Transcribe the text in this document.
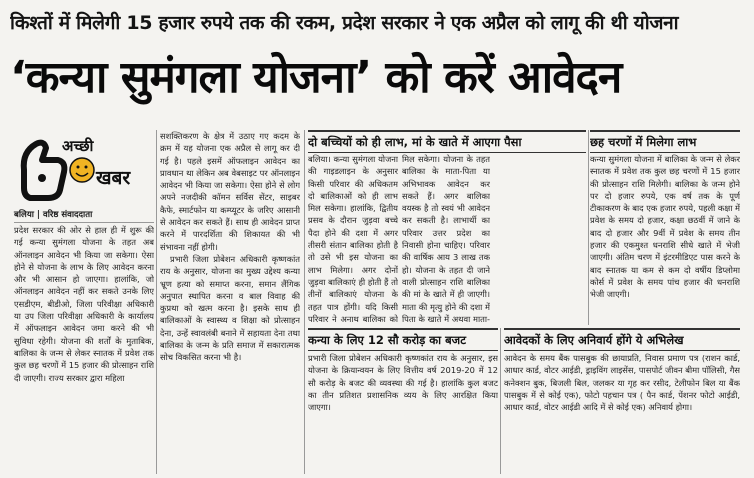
किश्तों में मिलेगी 15 हजार रुपये तक की रकम, प्रदेश सरकार ने एक अप्रैल को लागू की थी योजना
‘कन्या सुमंगला योजना’ को करें आवेदन
अच्छी
खबर
बलिया | वरिष्ठ संवाददाता

प्रदेश सरकार की ओर से हाल ही में शुरू की गई कन्या सुमंगला योजना के तहत अब ऑनलाइन आवेदन भी किया जा सकेगा। ऐसा होने से योजना के लाभ के लिए आवेदन करना और भी आसान हो जाएगा। हालांकि, जो ऑनलाइन आवेदन नहीं कर सकते उनके लिए एसडीएम, बीडीओ, जिला परिवीक्षा अधिकारी या उप जिला परिवीक्षा अधिकारी के कार्यालय में ऑफलाइन आवेदन जमा करने की भी सुविधा रहेगी। योजना की शर्तों के मुताबिक, बालिका के जन्म से लेकर स्नातक में प्रवेश तक कुल छह चरणों में 15 हजार की प्रोत्साहन राशि दी जाएगी। राज्य सरकार द्वारा महिला

सशक्तिकरण के क्षेत्र में उठाए गए कदम के क्रम में यह योजना एक अप्रैल से लागू कर दी गई है। पहले इसमें ऑफलाइन आवेदन का प्रावधान था लेकिन अब वेबसाइट पर ऑनलाइन आवेदन भी किया जा सकेगा। ऐसा होने से लोग अपने नजदीकी कॉमन सर्विस सेंटर, साइबर कैफे, स्मार्टफोन या कम्प्यूटर के जरिए आसानी से आवेदन कर सकते हैं। साथ ही आवेदन प्राप्त करने में पारदर्शिता की शिकायत की भी संभावना नहीं होगी।

प्रभारी जिला प्रोबेशन अधिकारी कृष्णकांत राय के अनुसार, योजना का मुख्य उद्देश्य कन्या भ्रूण हत्या को समाप्त करना, समान लैंगिक अनुपात स्थापित करना व बाल विवाह की कुप्रथा को खत्म करना है। इसके साथ ही बालिकाओं के स्वास्थ्य व शिक्षा को प्रोत्साहन देना, उन्हें स्वावलंबी बनाने में सहायता देना तथा बालिका के जन्म के प्रति समाज में सकारात्मक सोच विकसित करना भी है।

दो बच्चियों को ही लाभ, मां के खाते में आएगा पैसा

बलिया। कन्या सुमंगला योजना की गाइडलाइन के अनुसार किसी परिवार की अधिकतम दो बालिकाओं को ही लाभ मिल सकेगा। हालांकि, द्वितीय प्रसव के दौरान जुड़वा बच्चे पैदा होने की दशा में अगर तीसरी संतान बालिका होती है तो उसे भी इस योजना का लाभ मिलेगा। अगर दोनों जुड़वा बालिकाएं ही होती हैं तो तीनों बालिकाएं योजना के तहत पात्र होंगी। यदि किसी परिवार ने अनाथ बालिका को

मिल सकेगा। योजना के तहत बालिका के माता-पिता या अभिभावक आवेदन कर सकते हैं। अगर बालिका वयस्क है तो स्वयं भी आवेदन कर सकती है। लाभार्थी का परिवार उत्तर प्रदेश का निवासी होना चाहिए। परिवार की वार्षिक आय 3 लाख तक हो। योजना के तहत दी जाने वाली प्रोत्साहन राशि बालिका की मां के खाते में ही जाएगी। माता की मृत्यु होने की दशा में पिता के खाते में अथवा माता-

छह चरणों में मिलेगा लाभ

कन्या सुमंगला योजना में बालिका के जन्म से लेकर स्नातक में प्रवेश तक कुल छह चरणों में 15 हजार की प्रोत्साहन राशि मिलेगी। बालिका के जन्म होने पर दो हजार रुपये, एक वर्ष तक के पूर्ण टीकाकरण के बाद एक हजार रुपये, पहली कक्षा में प्रवेश के समय दो हजार, कक्षा छठवीं में जाने के बाद दो हजार और 9वीं में प्रवेश के समय तीन हजार की एकमुश्त धनराशि सीधे खाते में भेजी जाएगी। अंतिम चरण में इंटरमीडिएट पास करने के बाद स्नातक या कम से कम दो वर्षीय डिप्लोमा कोर्स में प्रवेश के समय पांच हजार की धनराशि भेजी जाएगी।

कन्या के लिए 12 सौ करोड़ का बजट

प्रभारी जिला प्रोबेशन अधिकारी कृष्णकांत राय के अनुसार, इस योजना के क्रियान्वयन के लिए वित्तीय वर्ष 2019-20 में 12 सौ करोड़ के बजट की व्यवस्था की गई है। हालांकि कुल बजट का तीन प्रतिशत प्रशासनिक व्यय के लिए आरक्षित किया जाएगा।

आवेदकों के लिए अनिवार्य होंगे ये अभिलेख

आवेदन के समय बैंक पासबुक की छायाप्रति, निवास प्रमाण पत्र (राशन कार्ड, आधार कार्ड, वोटर आईडी, ड्राइविंग लाइसेंस, पासपोर्ट जीवन बीमा पॉलिसी, गैस कनेक्शन बुक, बिजली बिल, जलकर या गृह कर रसीद, टेलीफोन बिल या बैंक पासबुक में से कोई एक), फोटो पहचान पत्र ( पैन कार्ड, पेंशनर फोटो आईडी, आधार कार्ड, वोटर आईडी आदि में से कोई एक) अनिवार्य होगा।
